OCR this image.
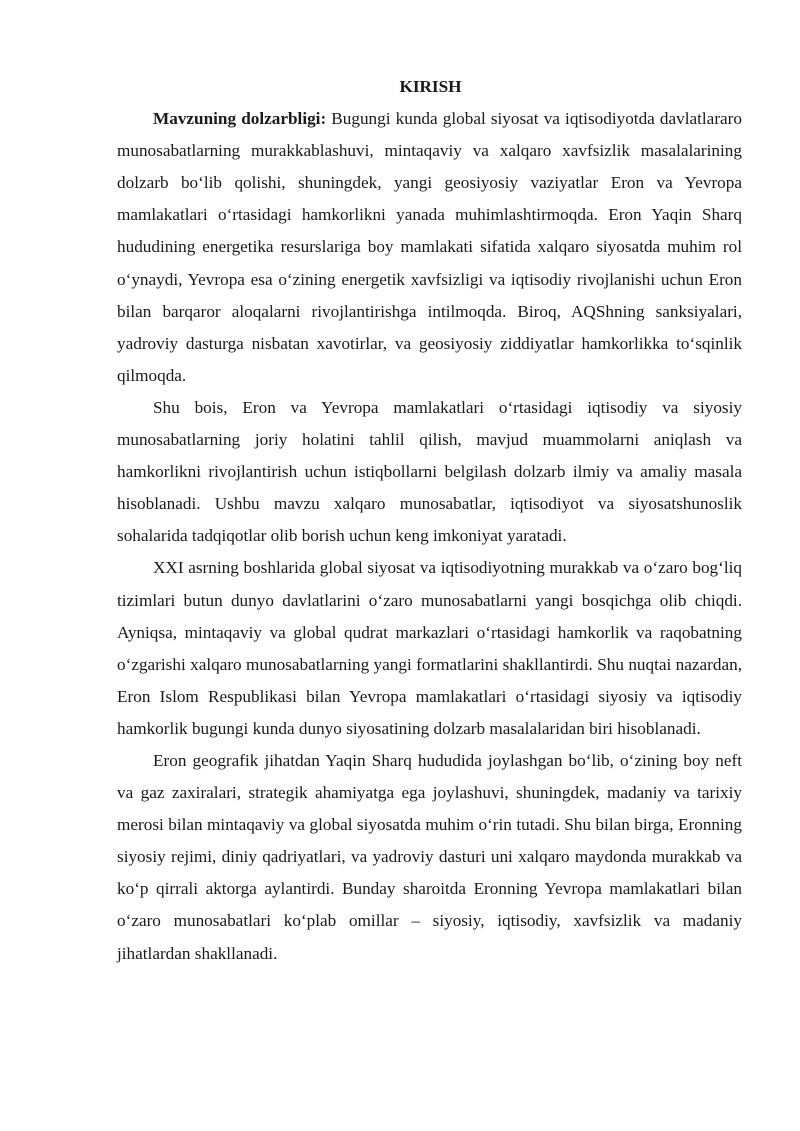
KIRISH

Mavzuning dolzarbligi: Bugungi kunda global siyosat va iqtisodiyotda davlatlararo munosabatlarning murakkablashuvi, mintaqaviy va xalqaro xavfsizlik masalalarining dolzarb bo‘lib qolishi, shuningdek, yangi geosiyosiy vaziyatlar Eron va Yevropa mamlakatlari o‘rtasidagi hamkorlikni yanada muhimlashtirmoqda. Eron Yaqin Sharq hududining energetika resurslariga boy mamlakati sifatida xalqaro siyosatda muhim rol o‘ynaydi, Yevropa esa o‘zining energetik xavfsizligi va iqtisodiy rivojlanishi uchun Eron bilan barqaror aloqalarni rivojlantirishga intilmoqda. Biroq, AQShning sanksiyalari, yadroviy dasturga nisbatan xavotirlar, va geosiyosiy ziddiyatlar hamkorlikka to‘sqinlik qilmoqda.

Shu bois, Eron va Yevropa mamlakatlari o‘rtasidagi iqtisodiy va siyosiy munosabatlarning joriy holatini tahlil qilish, mavjud muammolarni aniqlash va hamkorlikni rivojlantirish uchun istiqbollarni belgilash dolzarb ilmiy va amaliy masala hisoblanadi. Ushbu mavzu xalqaro munosabatlar, iqtisodiyot va siyosatshunoslik sohalarida tadqiqotlar olib borish uchun keng imkoniyat yaratadi.

XXI asrning boshlarida global siyosat va iqtisodiyotning murakkab va o‘zaro bog‘liq tizimlari butun dunyo davlatlarini o‘zaro munosabatlarni yangi bosqichga olib chiqdi. Ayniqsa, mintaqaviy va global qudrat markazlari o‘rtasidagi hamkorlik va raqobatning o‘zgarishi xalqaro munosabatlarning yangi formatlarini shakllantirdi. Shu nuqtai nazardan, Eron Islom Respublikasi bilan Yevropa mamlakatlari o‘rtasidagi siyosiy va iqtisodiy hamkorlik bugungi kunda dunyo siyosatining dolzarb masalalaridan biri hisoblanadi.

Eron geografik jihatdan Yaqin Sharq hududida joylashgan bo‘lib, o‘zining boy neft va gaz zaxiralari, strategik ahamiyatga ega joylashuvi, shuningdek, madaniy va tarixiy merosi bilan mintaqaviy va global siyosatda muhim o‘rin tutadi. Shu bilan birga, Eronning siyosiy rejimi, diniy qadriyatlari, va yadroviy dasturi uni xalqaro maydonda murakkab va ko‘p qirrali aktorga aylantirdi. Bunday sharoitda Eronning Yevropa mamlakatlari bilan o‘zaro munosabatlari ko‘plab omillar – siyosiy, iqtisodiy, xavfsizlik va madaniy jihatlardan shakllanadi.
